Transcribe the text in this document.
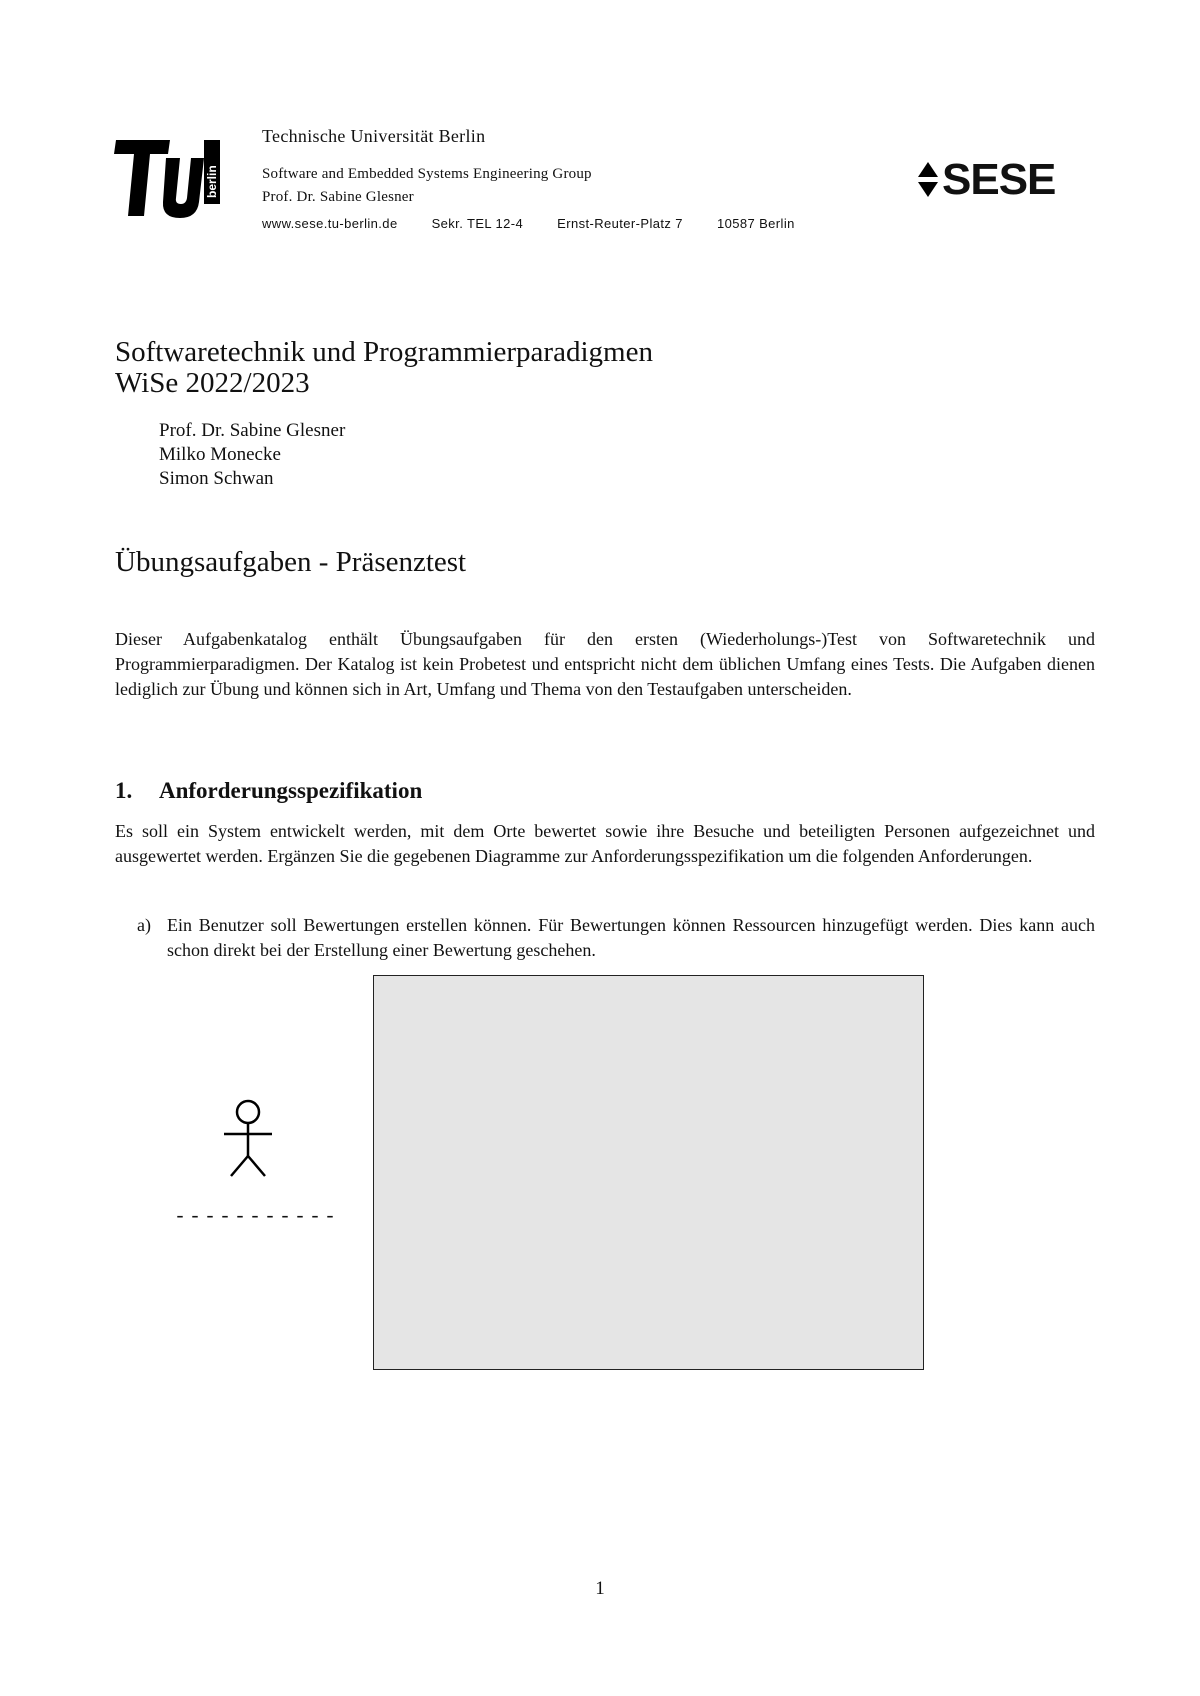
berlin
Technische Universität Berlin
Software and Embedded Systems Engineering Group
Prof. Dr. Sabine Glesner
www.sese.tu-berlin.de	Sekr. TEL 12-4	Ernst-Reuter-Platz 7	10587 Berlin
SESE
Softwaretechnik und Programmierparadigmen
WiSe 2022/2023
Prof. Dr. Sabine Glesner
Milko Monecke
Simon Schwan
Übungsaufgaben - Präsenztest
Dieser Aufgabenkatalog enthält Übungsaufgaben für den ersten (Wiederholungs-)Test von Softwaretechnik und Programmierparadigmen. Der Katalog ist kein Probetest und entspricht nicht dem üblichen Umfang eines Tests. Die Aufgaben dienen lediglich zur Übung und können sich in Art, Umfang und Thema von den Testaufgaben unterscheiden.
1. Anforderungsspezifikation
Es soll ein System entwickelt werden, mit dem Orte bewertet sowie ihre Besuche und beteiligten Personen aufgezeichnet und ausgewertet werden. Ergänzen Sie die gegebenen Diagramme zur Anforderungsspezifikation um die folgenden Anforderungen.
a) Ein Benutzer soll Bewertungen erstellen können. Für Bewertungen können Ressourcen hinzugefügt werden. Dies kann auch schon direkt bei der Erstellung einer Bewertung geschehen.
-----------
1
